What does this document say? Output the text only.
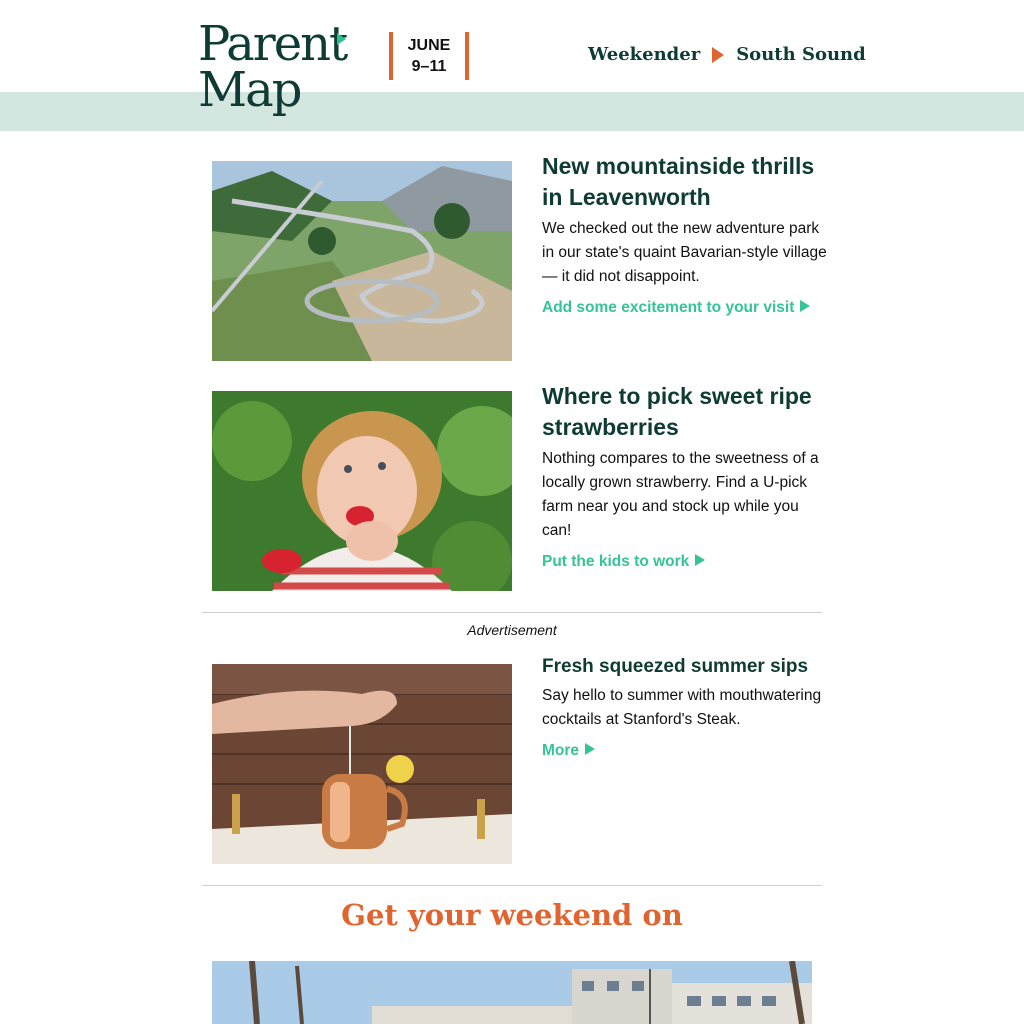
Parent
Map
JUNE
9–11
Weekender South Sound
New mountainside thrills in Leavenworth

We checked out the new adventure park in our state's quaint Bavarian-style village — it did not disappoint.

Add some excitement to your visit
Where to pick sweet ripe strawberries

Nothing compares to the sweetness of a locally grown strawberry. Find a U-pick farm near you and stock up while you can!

Put the kids to work
Advertisement
Fresh squeezed summer sips

Say hello to summer with mouthwatering cocktails at Stanford's Steak.

More
Get your weekend on
